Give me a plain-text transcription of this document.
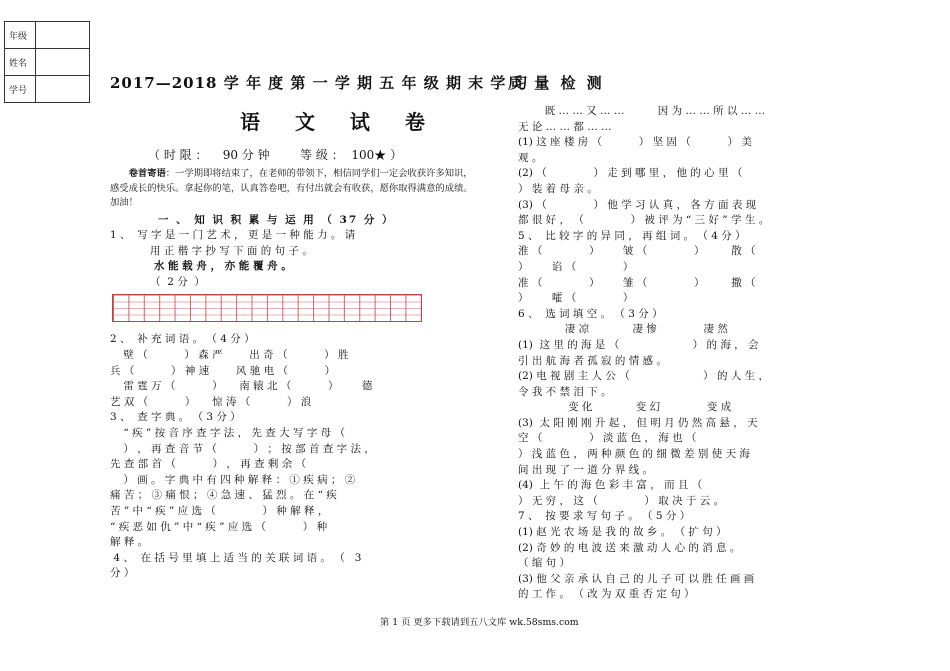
年级	
姓名	
学号		2017—2018 学 年 度 第 一 学 期 五 年 级 期 末 学 习
质 量 检 测
语 文 试 卷
（ 时 限 ：    90 分 钟        等 级 ：  100★ ）
卷首寄语：一学期即将结束了，在老师的带领下，相信同学们一定会收获许多知识，感受成长的快乐。拿起你的笔，认真答卷吧，有付出就会有收获，愿你取得满意的成绩。加油！
一 、 知 识 积 累 与 运 用 （ 37 分 ）
1 、  写 字 是 一 门 艺 术 ， 更 是 一 种 能 力 。 请
用 正 楷 字 抄 写 下 面 的 句 子 。
水 能 载 舟 ， 亦 能 覆 舟 。
（  2 分  ）
2 、  补 充 词 语 。 （ 4 分 ）
壁 （           ） 森 严        出 奇 （           ） 胜
兵 （           ） 神 速        风 驰 电 （           ）
雷 霆 万 （           ）     南 辕 北 （           ）       德
艺 双 （           ）     惊 涛 （           ） 浪
3 、  查 字 典 。 （ 3 分 ）
“ 疾 ” 按 音 序 查 字 法 ， 先 查 大 写 字 母 （
） ， 再 查 音 节 （           ） ； 按 部 首 查 字 法 ，
先 查 部 首 （           ） ， 再 查 剩 余 （
） 画 。 字 典 中 有 四 种 解 释 ： ① 疾 病 ； ②
痛 苦 ； ③ 痛 恨 ； ④ 急 速 、 猛 烈 。 在 “ 疾
苦 ” 中 “ 疾 ” 应 选 （              ） 种 解 释 ，
“ 疾 恶 如 仇 ” 中 “ 疾 ” 应 选 （           ） 种
解 释 。
4 、  在 括 号 里 填 上 适 当 的 关 联 词 语 。 （   3
分 ）
既 … … 又 … …          因 为 … … 所 以 … …
无 论 … … 都 … …
(1) 这 座 楼 房 （           ） 坚 固 （           ） 美
观 。
(2) （              ） 走 到 哪 里 ， 他 的 心 里 （
） 装 着 母 亲 。
(3) （              ） 他 学 习 认 真 ， 各 方 面 表 现
都 很 好 ， （              ） 被 评 为 “ 三 好 ” 学 生 。
5 、  比 较 字 的 异 同 ， 再 组 词 。 （ 4 分 ）
淮 （              ）       皱 （              ）        散 （
）       谄 （              ）
准 （              ）       雏 （              ）        撒 （
）       嚯 （              ）
6 、  选 词 填 空 。 （ 3 分 ）
凄 凉             凄 惨              凄 然
(1)  这 里 的 海 是 （                      ） 的 海 ， 会
引 出 航 海 者 孤 寂 的 情 感 。
(2) 电 视 剧 主 人 公 （                      ） 的 人 生 ，
令 我 不 禁 泪 下 。
变 化             变 幻              变 成
(3)  太 阳 刚 刚 升 起 ， 但 明 月 仍 然 高 悬 ， 天
空 （              ） 淡 蓝 色 ， 海 也 （
） 浅 蓝 色 ， 两 种 颜 色 的 细 微 差 别 使 天 海
间 出 现 了 一 道 分 界 线 。
(4)  上 午 的 海 色 彩 丰 富 ， 而 且 （
） 无 穷 ， 这 （              ） 取 决 于 云 。
7 、  按 要 求 写 句 子 。 （ 5 分 ）
(1) 赵 光 农 场 是 我 的 故 乡 。 （ 扩 句 ）
(2) 奇 妙 的 电 波 送 来 激 动 人 心 的 消 息 。
（ 缩 句 ）
(3) 他 父 亲 承 认 自 己 的 儿 子 可 以 胜 任 画 画
的 工 作 。 （ 改 为 双 重 否 定 句 ）
第 1 页 更多下载请到五八文库 wk.58sms.com
